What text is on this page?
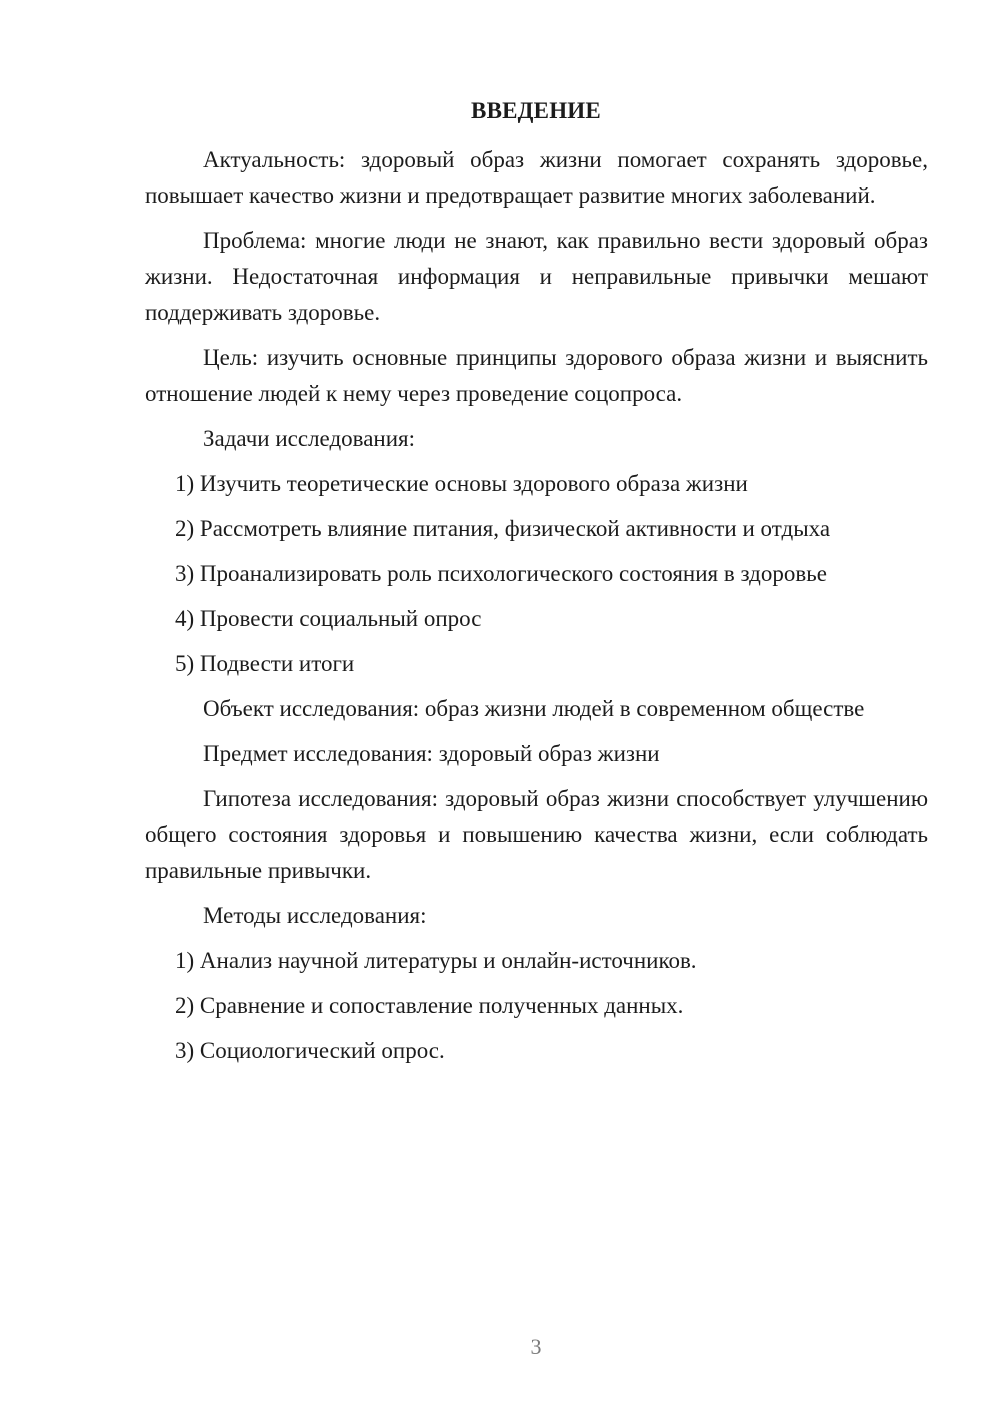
ВВЕДЕНИЕ

Актуальность: здоровый образ жизни помогает сохранять здоровье, повышает качество жизни и предотвращает развитие многих заболеваний.

Проблема: многие люди не знают, как правильно вести здоровый образ жизни. Недостаточная информация и неправильные привычки мешают поддерживать здоровье.

Цель: изучить основные принципы здорового образа жизни и выяснить отношение людей к нему через проведение соцопроса.

Задачи исследования:

1) Изучить теоретические основы здорового образа жизни

2) Рассмотреть влияние питания, физической активности и отдыха

3) Проанализировать роль психологического состояния в здоровье

4) Провести социальный опрос

5) Подвести итоги

Объект исследования: образ жизни людей в современном обществе

Предмет исследования: здоровый образ жизни

Гипотеза исследования: здоровый образ жизни способствует улучшению общего состояния здоровья и повышению качества жизни, если соблюдать правильные привычки.

Методы исследования:

1) Анализ научной литературы и онлайн-источников.

2) Сравнение и сопоставление полученных данных.

3) Социологический опрос.

3
